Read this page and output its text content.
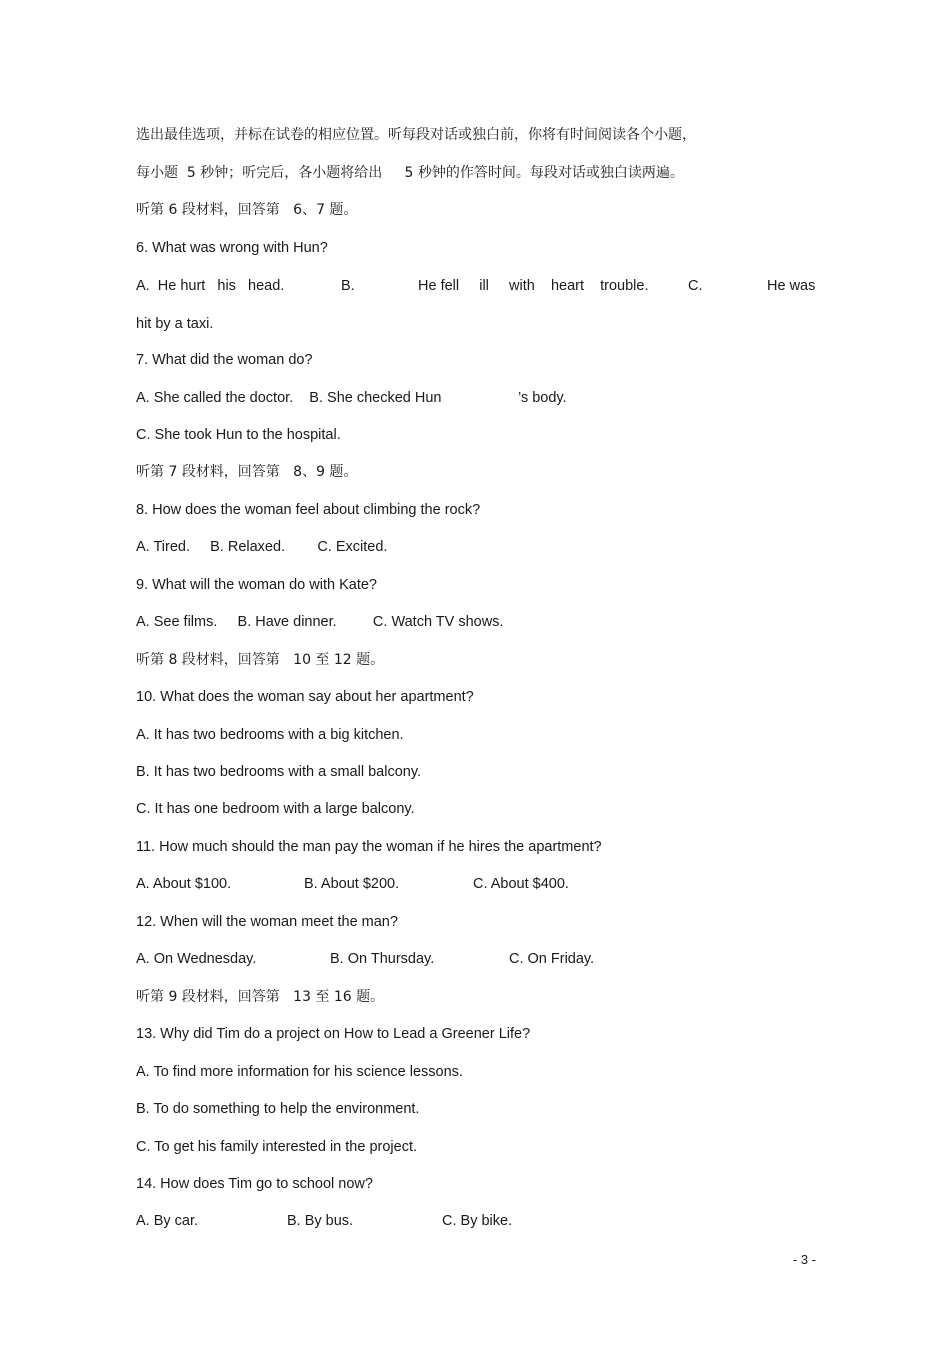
选出最佳选项，并标在试卷的相应位置。听每段对话或独白前，你将有时间阅读各个小题，
每小题  5 秒钟；听完后，各小题将给出     5 秒钟的作答时间。每段对话或独白读两遍。
听第 6 段材料，回答第   6、7 题。
6. What was wrong with Hun?
A.  He hurt   his   head.	B.	He fell     ill     with    heart    trouble.	C.	He was
hit by a taxi.
7. What did the woman do?
A. She called the doctor.    B. She checked Hun	’s body.
C. She took Hun to the hospital.
听第 7 段材料，回答第   8、9 题。
8. How does the woman feel about climbing the rock?
A. Tired.     B. Relaxed.        C. Excited.
9. What will the woman do with Kate?
A. See films.     B. Have dinner.         C. Watch TV shows.
听第 8 段材料，回答第   10 至 12 题。
10. What does the woman say about her apartment?
A. It has two bedrooms with a big kitchen.
B. It has two bedrooms with a small balcony.
C. It has one bedroom with a large balcony.
11. How much should the man pay the woman if he hires the apartment?
A. About $100.	B. About $200.	C. About $400.
12. When will the woman meet the man?
A. On Wednesday.	B. On Thursday.	C. On Friday.
听第 9 段材料，回答第   13 至 16 题。
13. Why did Tim do a project on How to Lead a Greener Life?
A. To find more information for his science lessons.
B. To do something to help the environment.
C. To get his family interested in the project.
14. How does Tim go to school now?
A. By car.	B. By bus.	C. By bike.
- 3 -
